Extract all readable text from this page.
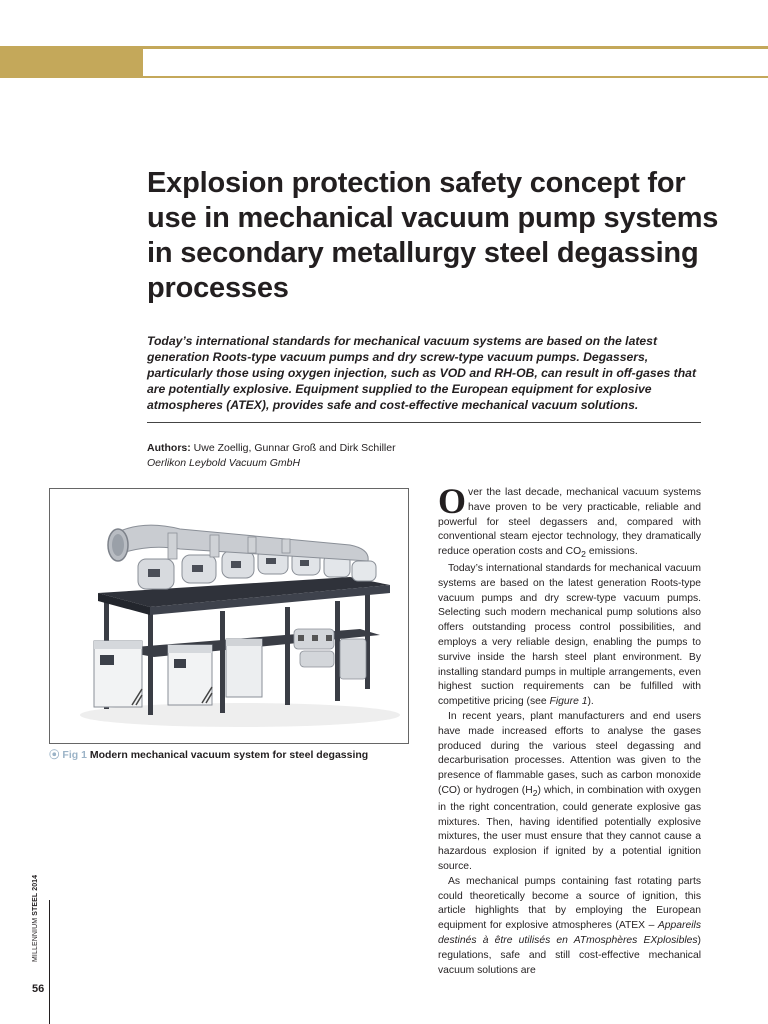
Explosion protection safety concept for use in mechanical vacuum pump systems in secondary metallurgy steel degassing processes

Today’s international standards for mechanical vacuum systems are based on the latest generation Roots-type vacuum pumps and dry screw-type vacuum pumps. Degassers, particularly those using oxygen injection, such as VOD and RH-OB, can result in off-gases that are potentially explosive. Equipment supplied to the European equipment for explosive atmospheres (ATEX), provides safe and cost-effective mechanical vacuum solutions.

Authors: Uwe Zoellig, Gunnar Groß and Dirk Schiller
Oerlikon Leybold Vacuum GmbH
⦿ Fig 1 Modern mechanical vacuum system for steel degassing

Over the last decade, mechanical vacuum systems have proven to be very practicable, reliable and powerful for steel degassers and, compared with conventional steam ejector technology, they dramatically reduce operation costs and $CO_2$ emissions.

Today’s international standards for mechanical vacuum systems are based on the latest generation Roots-type vacuum pumps and dry screw-type vacuum pumps. Selecting such modern mechanical pump solutions also offers outstanding process control possibilities, and employs a very reliable design, enabling the pumps to survive inside the harsh steel plant environment. By installing standard pumps in multiple arrangements, even highest suction requirements can be fulfilled with competitive pricing (see Figure 1).

In recent years, plant manufacturers and end users have made increased efforts to analyse the gases produced during the various steel degassing and decarburisation processes. Attention was given to the presence of flammable gases, such as carbon monoxide (CO) or hydrogen $(H_2)$ which, in combination with oxygen in the right concentration, could generate explosive gas mixtures. Then, having identified potentially explosive mixtures, the user must ensure that they cannot cause a hazardous explosion if ignited by a potential ignition source.

As mechanical pumps containing fast rotating parts could theoretically become a source of ignition, this article highlights that by employing the European equipment for explosive atmospheres (ATEX – Appareils destinés à être utilisés en ATmosphères EXplosibles) regulations, safe and still cost-effective mechanical vacuum solutions are

MILLENNIUM STEEL 2014
56
